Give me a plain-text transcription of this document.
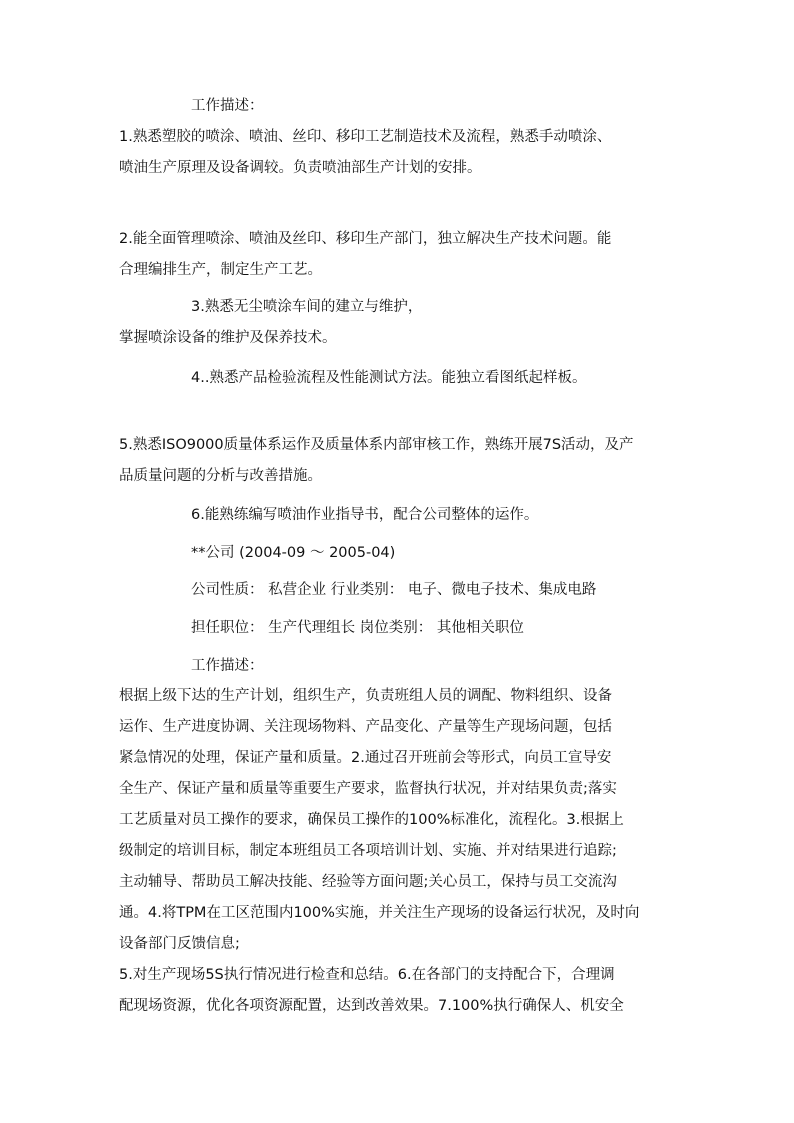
工作描述：
1.熟悉塑胶的喷涂、喷油、丝印、移印工艺制造技术及流程，熟悉手动喷涂、
喷油生产原理及设备调较。负责喷油部生产计划的安排。
2.能全面管理喷涂、喷油及丝印、移印生产部门，独立解决生产技术问题。能
合理编排生产，制定生产工艺。
3.熟悉无尘喷涂车间的建立与维护，
掌握喷涂设备的维护及保养技术。
4..熟悉产品检验流程及性能测试方法。能独立看图纸起样板。
5.熟悉ISO9000质量体系运作及质量体系内部审核工作，熟练开展7S活动，及产
品质量问题的分析与改善措施。
6.能熟练编写喷油作业指导书，配合公司整体的运作。
**公司 (2004-09 ～ 2005-04)
公司性质： 私营企业 行业类别： 电子、微电子技术、集成电路
担任职位： 生产代理组长 岗位类别： 其他相关职位
工作描述：
根据上级下达的生产计划，组织生产，负责班组人员的调配、物料组织、设备
运作、生产进度协调、关注现场物料、产品变化、产量等生产现场问题，包括
紧急情况的处理，保证产量和质量。2.通过召开班前会等形式，向员工宣导安
全生产、保证产量和质量等重要生产要求，监督执行状况，并对结果负责;落实
工艺质量对员工操作的要求，确保员工操作的100%标准化，流程化。3.根据上
级制定的培训目标，制定本班组员工各项培训计划、实施、并对结果进行追踪;
主动辅导、帮助员工解决技能、经验等方面问题;关心员工，保持与员工交流沟
通。4.将TPM在工区范围内100%实施，并关注生产现场的设备运行状况，及时向
设备部门反馈信息;
5.对生产现场5S执行情况进行检查和总结。6.在各部门的支持配合下，合理调
配现场资源，优化各项资源配置，达到改善效果。7.100%执行确保人、机安全
